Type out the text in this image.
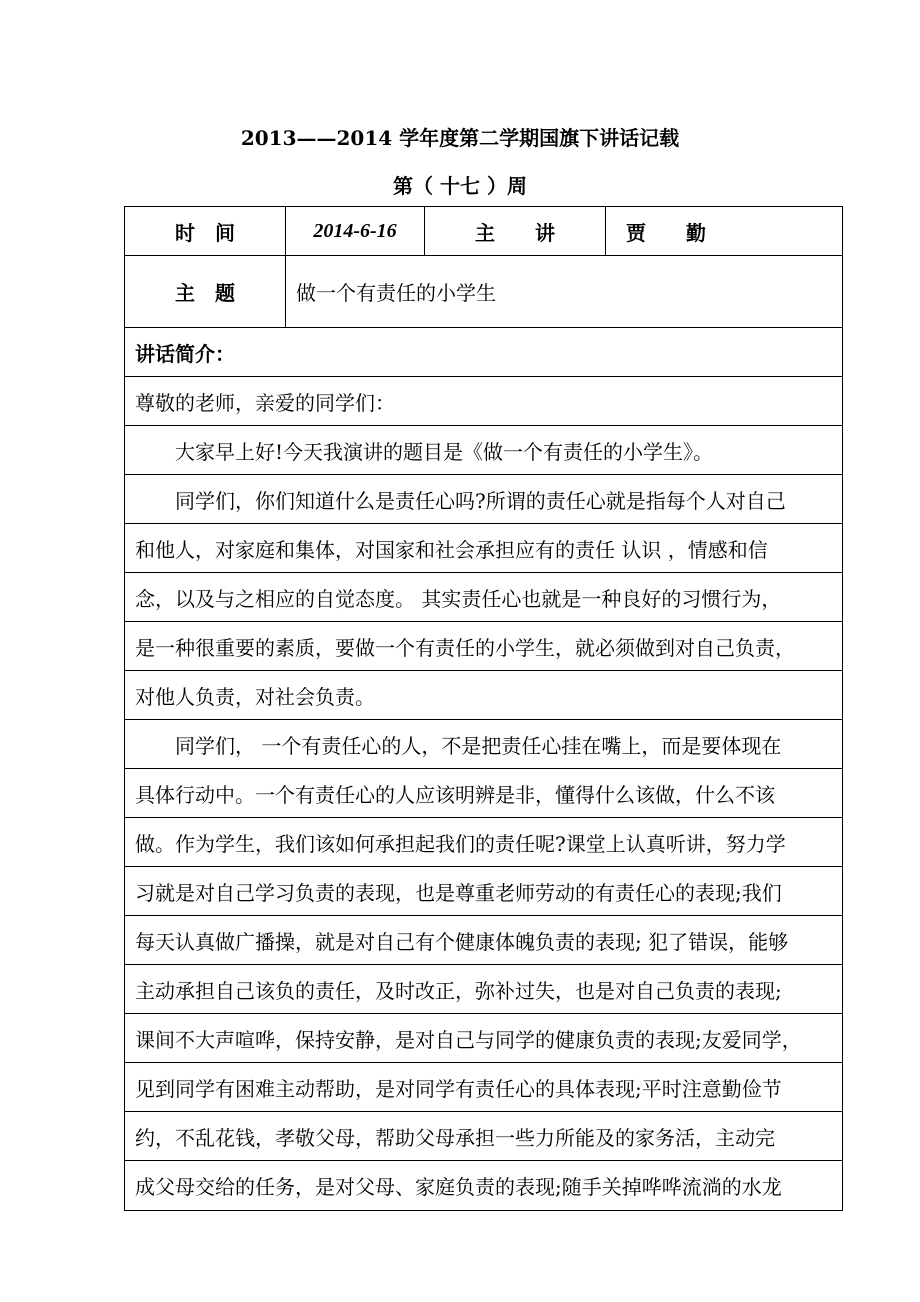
2013——2014 学年度第二学期国旗下讲话记载
第（ 十七 ）周
时　间	2014-6-16	主　　讲	贾　　勤
主　题	做一个有责任的小学生
讲话简介：
尊敬的老师，亲爱的同学们：
　　大家早上好!今天我演讲的题目是《做一个有责任的小学生》。
　　同学们，你们知道什么是责任心吗?所谓的责任心就是指每个人对自己
和他人，对家庭和集体，对国家和社会承担应有的责任 认识 ，情感和信
念，以及与之相应的自觉态度。 其实责任心也就是一种良好的习惯行为，
是一种很重要的素质，要做一个有责任的小学生，就必须做到对自己负责，
对他人负责，对社会负责。
　　同学们， 一个有责任心的人，不是把责任心挂在嘴上，而是要体现在
具体行动中。一个有责任心的人应该明辨是非，懂得什么该做，什么不该
做。作为学生，我们该如何承担起我们的责任呢?课堂上认真听讲，努力学
习就是对自己学习负责的表现，也是尊重老师劳动的有责任心的表现;我们
每天认真做广播操，就是对自己有个健康体魄负责的表现; 犯了错误，能够
主动承担自己该负的责任，及时改正，弥补过失，也是对自己负责的表现;
课间不大声喧哗，保持安静，是对自己与同学的健康负责的表现;友爱同学，
见到同学有困难主动帮助，是对同学有责任心的具体表现;平时注意勤俭节
约，不乱花钱，孝敬父母，帮助父母承担一些力所能及的家务活，主动完
成父母交给的任务，是对父母、家庭负责的表现;随手关掉哗哗流淌的水龙
